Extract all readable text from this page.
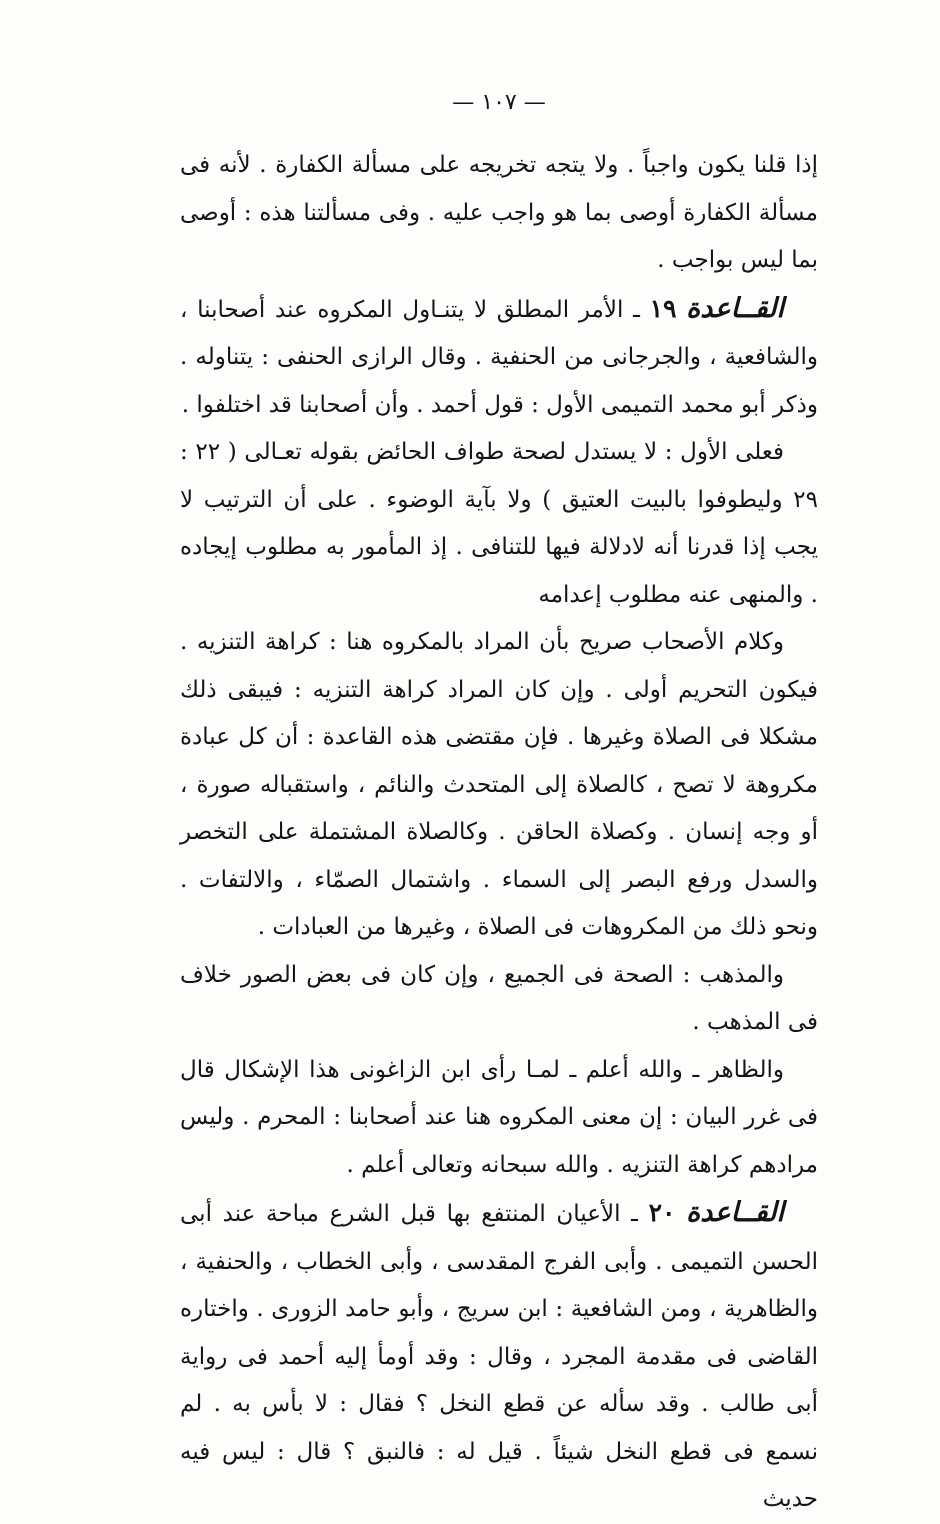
— ١٠٧ —

إذا قلنا يكون واجباً . ولا يتجه تخريجه على مسألة الكفارة . لأنه فى مسألة الكفارة أوصى بما هو واجب عليه . وفى مسألتنا هذه : أوصى بما ليس بواجب .

القــاعدة ١٩ ـ الأمر المطلق لا يتنـاول المكروه عند أصحابنا ، والشافعية ، والجرجانى من الحنفية . وقال الرازى الحنفى : يتناوله . وذكر أبو محمد التميمى الأول : قول أحمد . وأن أصحابنا قد اختلفوا .

فعلى الأول : لا يستدل لصحة طواف الحائض بقوله تعـالى ( ٢٢ : ٢٩ وليطوفوا بالبيت العتيق ) ولا بآية الوضوء . على أن الترتيب لا يجب إذا قدرنا أنه لادلالة فيها للتنافى . إذ المأمور به مطلوب إيجاده . والمنهى عنه مطلوب إعدامه

وكلام الأصحاب صريح بأن المراد بالمكروه هنا : كراهة التنزيه . فيكون التحريم أولى . وإن كان المراد كراهة التنزيه : فيبقى ذلك مشكلا فى الصلاة وغيرها . فإن مقتضى هذه القاعدة : أن كل عبادة مكروهة لا تصح ، كالصلاة إلى المتحدث والنائم ، واستقباله صورة ، أو وجه إنسان . وكصلاة الحاقن . وكالصلاة المشتملة على التخصر والسدل ورفع البصر إلى السماء . واشتمال الصمّاء ، والالتفات . ونحو ذلك من المكروهات فى الصلاة ، وغيرها من العبادات .

والمذهب : الصحة فى الجميع ، وإن كان فى بعض الصور خلاف فى المذهب .

والظاهر ـ والله أعلم ـ لمـا رأى ابن الزاغونى هذا الإشكال قال فى غرر البيان : إن معنى المكروه هنا عند أصحابنا : المحرم . وليس مرادهم كراهة التنزيه . والله سبحانه وتعالى أعلم .

القــاعدة ٢٠ ـ الأعيان المنتفع بها قبل الشرع مباحة عند أبى الحسن التميمى . وأبى الفرج المقدسى ، وأبى الخطاب ، والحنفية ، والظاهرية ، ومن الشافعية : ابن سريج ، وأبو حامد الزورى . واختاره القاضى فى مقدمة المجرد ، وقال : وقد أومأ إليه أحمد فى رواية أبى طالب . وقد سأله عن قطع النخل ؟ فقال : لا بأس به . لم نسمع فى قطع النخل شيئاً . قيل له : فالنبق ؟ قال : ليس فيه حديث
